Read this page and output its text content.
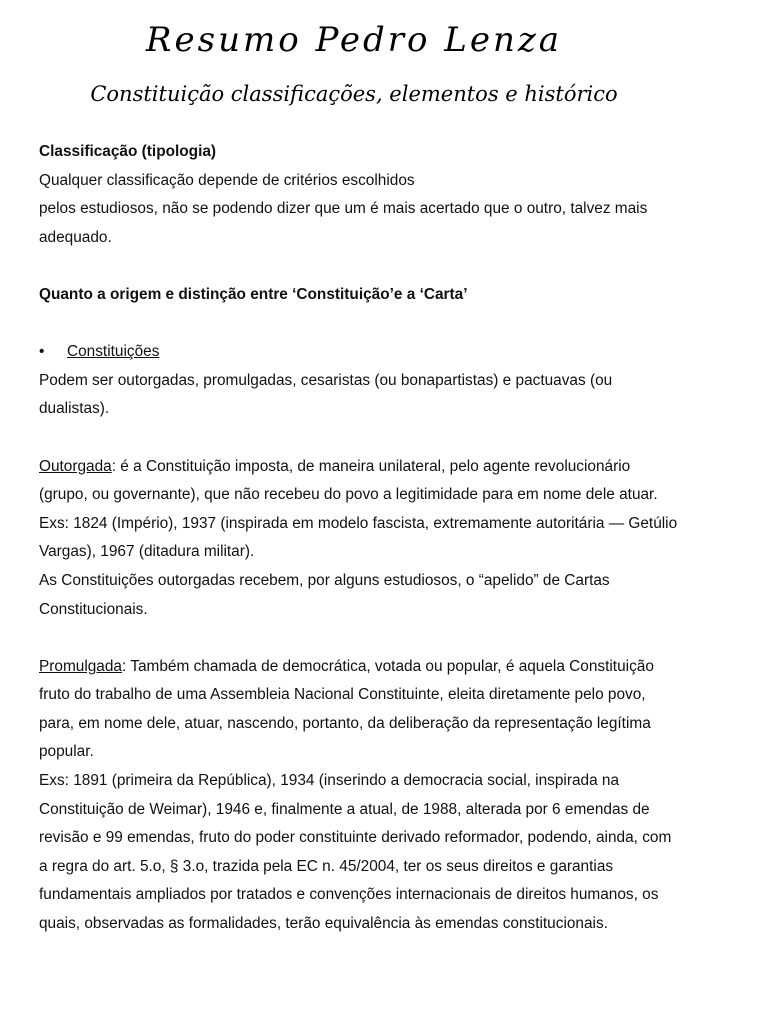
Resumo Pedro Lenza
Constituição classificações, elementos e histórico

Classificação (tipologia)

Qualquer classificação depende de critérios escolhidos

pelos estudiosos, não se podendo dizer que um é mais acertado que o outro, talvez mais

adequado.

Quanto a origem e distinção entre ‘Constituição’e a ‘Carta’

•	Constituições

Podem ser outorgadas, promulgadas, cesaristas (ou bonapartistas) e pactuavas (ou

dualistas).

Outorgada: é a Constituição imposta, de maneira unilateral, pelo agente revolucionário

(grupo, ou governante), que não recebeu do povo a legitimidade para em nome dele atuar.

Exs: 1824 (Império), 1937 (inspirada em modelo fascista, extremamente autoritária — Getúlio

Vargas), 1967 (ditadura militar).

As Constituições outorgadas recebem, por alguns estudiosos, o “apelido” de Cartas

Constitucionais.

Promulgada: Também chamada de democrática, votada ou popular, é aquela Constituição

fruto do trabalho de uma Assembleia Nacional Constituinte, eleita diretamente pelo povo,

para, em nome dele, atuar, nascendo, portanto, da deliberação da representação legítima

popular.

Exs: 1891 (primeira da República), 1934 (inserindo a democracia social, inspirada na

Constituição de Weimar), 1946 e, finalmente a atual, de 1988, alterada por 6 emendas de

revisão e 99 emendas, fruto do poder constituinte derivado reformador, podendo, ainda, com

a regra do art. 5.o, § 3.o, trazida pela EC n. 45/2004, ter os seus direitos e garantias

fundamentais ampliados por tratados e convenções internacionais de direitos humanos, os

quais, observadas as formalidades, terão equivalência às emendas constitucionais.
